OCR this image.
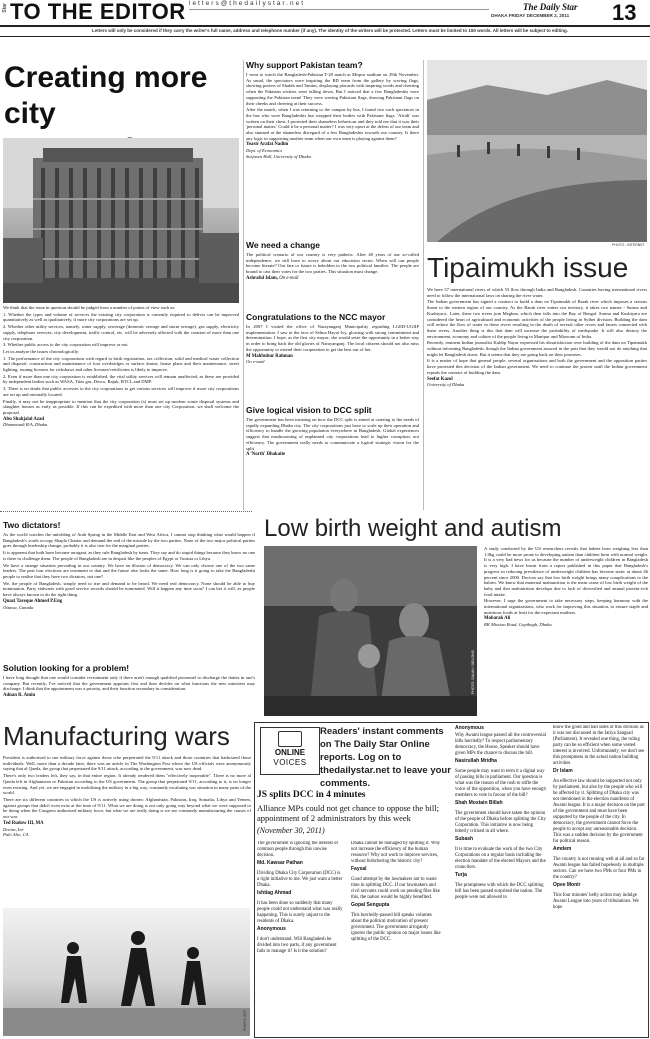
Star TO THE EDITOR letters@thedailystar.net	The Daily Star
DHAKA FRIDAY DECEMBER 2, 2011 13
Letters will only be considered if they carry the writer's full name, address and telephone number (if any). The identity of the writers will be protected. Letters must be limited to 150 words. All letters will be subject to editing.
Creating more city

We think that the issue in question should be judged from a number of points of view such as:

1. Whether the types and volume of services the existing city corporation is currently required to deliver can be improved quantitatively as well as qualitatively, if more city corporations are set up.

2. Whether other utility services, namely, water supply, sewerage (domestic sewage and storm sewage), gas supply, electricity supply, telephone services, city development, traffic control, etc. will be adversely affected with the creation of more than one city corporation.

3. Whether public access to the city corporation will improve or not.

Let us analyse the issues chronologically:

1. The performance of the city corporations with regard to birth registration, tax collection, solid and medical waste collection and disposal, construction and maintenance of foot overbridges or surface drains, house plans and their maintenance, street lighting, issuing licenses for rickshaws and other licenses/certificates is likely to improve.

2. Even if more than one city corporation is established, the vital utility services will remain unaffected, as these are provided by independent bodies such as WASA, Titas gas, Desco, Rajuk, BTCL and DMP.

3. There is no doubt that public accesses to the city corporations to get various services will improve if more city corporations are set up and rationally located.

Finally, it may not be inappropriate to mention that the city corporation (s) must set up modern waste disposal systems and slaughter houses as early as possible. If this can be expedited with more than one city Corporation, we shall welcome the proposal.

Abu Shahjalal Azad
Dhanmondi R/A, Dhaka
Why support Pakistan team?

I went to watch the Bangladesh-Pakistan T-20 match at Mirpur stadium on 29th November. As usual, the spectators were inspiring the BD team from the gallery by waving flags, showing posters of Shakib and Tamim, displaying placards with inspiring words and cheering when the Pakistan wickets were falling down. But I noticed that a few Bangladeshis were supporting the Pakistan team! They were waving Pakistani flags, drawing Pakistani flags on their cheeks and cheering at their success.

After the match, when I was returning to the campus by bus, I found two such spectators in the bus who were Bangladeshis but wrapped their bodies with Pakistani flags. 'Afridi' was written on their chest. I protested their shameless behaviour and they told me that it was their 'personal matter.' Could it be a personal matter? I was very upset at the defeat of our team and also stunned at the shameless disregard of a few Bangladeshis towards our country. Is there any logic in supporting another team when our own team is playing against them?

Yeasir Arafat Nadim
Dept. of Economics
Surjasen Hall, University of Dhaka
We need a change

The political scenario of our country is very pathetic. After 40 years of our so-called independence, we still have to worry about our education sector. When will our people become literate? Our fate or future is beholden to the two political families. The people are bound to cast their votes for the two parties. This situation must change.

Ashraful Islam, On e-mail
Congratulations to the NCC mayor

In 2007 I visited the office of Narayanganj Municipality regarding LGED-UGIIP implementation. I saw in the face of Selina Hayat Ivy, glowing with strong commitment and determination. I hope, as the first city mayor, she would seize the opportunity in a better way in order to bring back the old glories of Narayanganj. The local citizens should not also miss the opportunity to extend their cooperation to get the best out of her.

M Mahbubur Rahman
On e-mail
Give logical vision to DCC split

The government has been insisting on how the DCC split is aimed at catering to the needs of rapidly expanding Dhaka city. The city corporations just have to scale up their operation and efficiency to handle the growing population everywhere in Bangladesh. Global experiences suggest that mushrooming of unplanned city corporations lead to higher corruption, not efficiency. The government really needs to communicate a logical strategic vision for the split.

A 'North' Dhakaite
PHOTO : INTERNET
Tipaimukh issue

We have 57 international rivers of which 53 flow through India and Bangladesh. Countries having international rivers need to follow the international laws on sharing the river water.

The Indian government has signed a contract to build a dam on Tipaimukh of Barak river which imposes a serious threat to the eastern region of our country. As the Barak river enters our territory, it takes two names - Surma and Kushiyara.. Later, these two rivers join Meghna, which then falls into the Bay of Bengal. Surma and Kushiyara are considered the heart of agricultural and economic activities of the people living in Sylhet division. Building the dam will reduce the flow of water in these rivers resulting in the death of several other rivers and fauers connected with these rivers. Another thing is this that dam will increase the probability of earthquake. It will also destroy the environment, economy and culture of the people living in Manipur and Mizoram of India.

Recently, eminent Indian journalist Kuldip Nayar expressed his dissatisfaction over building of the dam on Tipaimukh without informing Bangladesh, though the Indian government assured in the past that they would not do anything that might let Bangladesh down. But it seems that they are going back on their promises.

It is a matter of hope that general people, several organisations and both the government and the opposition parties have protested this decision of the Indian government. We need to continue the protest until the Indian government repeals the contract of building the dam.

Seefat Kazol
University of Dhaka
Low birth weight and autism
PHOTO: SALAH / DELONIS

A study conducted by the US researchers reveals that babies born weighing less than 1.8kg could be more prone to developing autism than children born with normal weight. It is a very bad news for us because the number of underweight children in Bangladesh is very high. I have learnt from a report published in this paper that Bangladesh's progress in reducing prevalence of underweight children has become static at about 46 percent since 2000. Doctors say that low birth weight brings many complications to the babies. We know that maternal malnutrition is the main cause of low birth weight of the baby and that malnutrition develops due to lack of diversified and animal protein-rich food intake.

However, I urge the government to take necessary steps, keeping harmony with the international organizations, who work for improving this situation, to ensure staple and nutritious foods at least for the expectant mothers.

Mobarak Ali
RK Mission Road, Gopibagh, Dhaka
Two dictators!

As the world watches the unfolding of Arab Spring in the Middle East and West Africa, I cannot stop thinking what would happen if Bangladesh's youth occupy Shapla Chattor and demand the end of the misrule by the two parties. None of the two major political parties goes through leadership change; probably it is also true for the marginal parties.

It is apparent that both have become arrogant, as they rule Bangladesh by turns. They say and do stupid things because they know no one is there to challenge them. The people of Bangladesh are in despair like the peoples of Egypt or Tunisia or Libya.

We have a strange situation prevailing in our country. We have an illusion of democracy. We can only choose one of the two same leaders. The past four elections are testament to that and the future also looks the same. How long is it going to take the Bangladeshi people to realise that they have two dictators, not one?

We, the people of Bangladesh, simply need to rise and demand to be heard. We need real democracy. None should be able to buy nomination. Party stalwarts with good service records should be nominated. Will it happen any time soon? I can bet it will, as people have always known to do the right thing.

Quazi Tareque Ahmed P.Eng
Ottawa, Canada
Solution looking for a problem!

I have long thought that one would consider recruitment only if there aren't enough qualified personnel to discharge the duties in one's company. But recently, I've noticed that the government appoints first and then decides on what functions the new ministers may discharge. I think that the appointment was a priority, and their function secondary in consideration.

Adnan R. Amin
Manufacturing wars

President is authorised to use military force against those who perpetrated the 9/11 attack and those countries that harboured those individuals. Well, more than a decade later, there was an article in The Washington Post where the US officials were anonymously saying that al Qaeda, the group that perpetrated the 9/11 attack, according to the government, was now dead.

There's only two leaders left, they say, in that entire region. It already rendered them "effectively inoperable". There is no more al Qaeda left in Afghanistan or Pakistan according to the US government. The group that perpetrated 9/11, according to it, is no longer even existing. And yet, we are engaged in mobilising the military in a big way, constantly escalating war situation in many parts of the world.

There are six different countries in which the US is actively using drones: Afghanistan, Pakistan, Iraq, Somalia, Libya and Yemen, against groups that didn't even exist at the time of 9/11. What we are doing is not only going way beyond what we were supposed to be doing when the Congress authorised military force, but what we are really doing is we are constantly manufacturing the causes of our war.

Ted Rudow III, MA
Doctor, Inr
Palo Alto, CA
PHOTO: AFP
ONLINE
VOICES
Readers' instant comments on The Daily Star Online reports. Log on to thedailystar.net to leave your comments.
JS splits DCC in 4 minutes
Alliance MPs could not get chance to oppose the bill; appointment of 2 administrators by this week
(November 30, 2011)

The government is ignoring the interest of common people through this unwise decision.

Md. Kawsar Pathan

Dividing Dhaka City Corporation (DCC) is a right initiative to me. We just want a better Dhaka.

Ishtiag Ahmad

It has been done so suddenly that many people could not understand what was really happening. This is surely unjust to the residents of Dhaka.

Anonymous

I don't understand. Will Bangladesh be divided into two parts, if any government fails to manage it? Is it the solution?

Dhaka cannot be managed by splitting it. Why not increase the efficiency of the human resource? Why not work to improve services, without bisbchering the historic city?

Faysal

Good attempt by the lawmakers not to waste time in splitting DCC. If our lawmakers and civil servants could work on pending files like this, the nation would be highly benefited.

Gopal Sengupta

This hurriedly-passed bill speaks volumes about the political motivation of present government. The government arrogantly ignores the public opinion on major issues like splitting of the DCC.

Anonymous

Why Awami league passed all the controversial bills hurriedly? To respect parliamentary democracy, the House, Speaker should have given MPs the chance to discuss the bill.

Nasirullah Mridha

Some people may want to term it a digital way of passing bills in parliament. Our question is what was the reason of the rush to stifle the voice of the opposition, when you have enough members to vote in favour of the bill?

Shah Mostain Billah

The government should have taken the opinion of the people of Dhaka before splitting the City Corporation. This initiative is now being bitterly critised in all where.

Subash

It is time to evaluate the work of the two City Corporations on a regular basis including the election mandate of the elected Mayors and the councilors.

Turja

The promptness with which the DCC splitting bill has been passed surprised the nation. The people were not allowed to

know the good and bad sides of this division as it was not discussed in the Jatiya Sangsad (Parliament). It revealed one thing, the ruling party can be so efficient when some vested interest is involved. Unfortunately, we don't see this promptness in the actual nation building activities

Dr Islam

An effective law should be supported not only by parliament, but also by the people who will be affected by it. Splitting of Dhaka city was not mentioned in the election manifesto of Awami league. It is a major decision on the part of the government and must have been supported by the people of the city. In democracy, the government cannot force the people to accept any unreasonable decision. This was a sudden decision by the government for political reason.

Amdem

The country is not running well at all and so far Awami league has failed hopelessly in multiple sectors. Can we have two PMs or four PMs in the country?

Opee Monir

This four minutes' hefty action may indulge Awami League into years of tribulations. We hope
